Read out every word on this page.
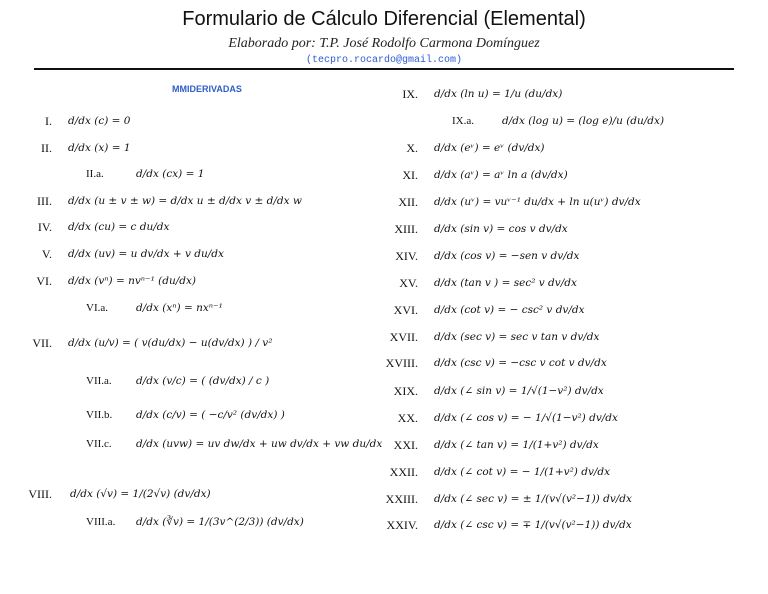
Formulario de Cálculo Diferencial (Elemental)
Elaborado por: T.P. José Rodolfo Carmona Domínguez
(tecpro.rocardo@gmail.com)
MMIDERIVADAS
I. d/dx (c) = 0
II. d/dx (x) = 1
II.a.	d/dx (cx) = 1
III. d/dx (u ± v ± w) = d/dx u ± d/dx v ± d/dx w
IV. d/dx (cu) = c du/dx
V. d/dx (uv) = u dv/dx + v du/dx
VI. d/dx (vⁿ) = nvⁿ⁻¹ (du/dx)
VI.a.	d/dx (xⁿ) = nxⁿ⁻¹
VII. d/dx (u/v) = ( v(du/dx) − u(dv/dx) ) / v²
VII.a. d/dx (v/c) = ( (dv/dx) / c )
VII.b. d/dx (c/v) = ( −c/v² (dv/dx) )
VII.c. d/dx (uvw) = uv dw/dx + uw dv/dx + vw du/dx
VIII. d/dx (√v) = 1/(2√v) (dv/dx)
VIII.a. d/dx (∛v) = 1/(3v^(2/3)) (dv/dx)
IX. d/dx (ln u) = 1/u (du/dx)
IX.a.	d/dx (log u) = (log e)/u (du/dx)
X. d/dx (eᵛ) = eᵛ (dv/dx)
XI. d/dx (aᵛ) = aᵛ ln a (dv/dx)
XII. d/dx (uᵛ) = vuᵛ⁻¹ du/dx + ln u(uᵛ) dv/dx
XIII. d/dx (sin v) = cos v dv/dx
XIV. d/dx (cos v) = −sen v dv/dx
XV. d/dx (tan v ) = sec² v dv/dx
XVI. d/dx (cot v) = − csc² v dv/dx
XVII. d/dx (sec v) = sec v tan v dv/dx
XVIII. d/dx (csc v) = −csc v cot v dv/dx
XIX. d/dx (∠ sin v) = 1/√(1−v²) dv/dx
XX. d/dx (∠ cos v) = − 1/√(1−v²) dv/dx
XXI. d/dx (∠ tan v) = 1/(1+v²) dv/dx
XXII. d/dx (∠ cot v) = − 1/(1+v²) dv/dx
XXIII. d/dx (∠ sec v) = ± 1/(v√(v²−1)) dv/dx
XXIV. d/dx (∠ csc v) = ∓ 1/(v√(v²−1)) dv/dx
